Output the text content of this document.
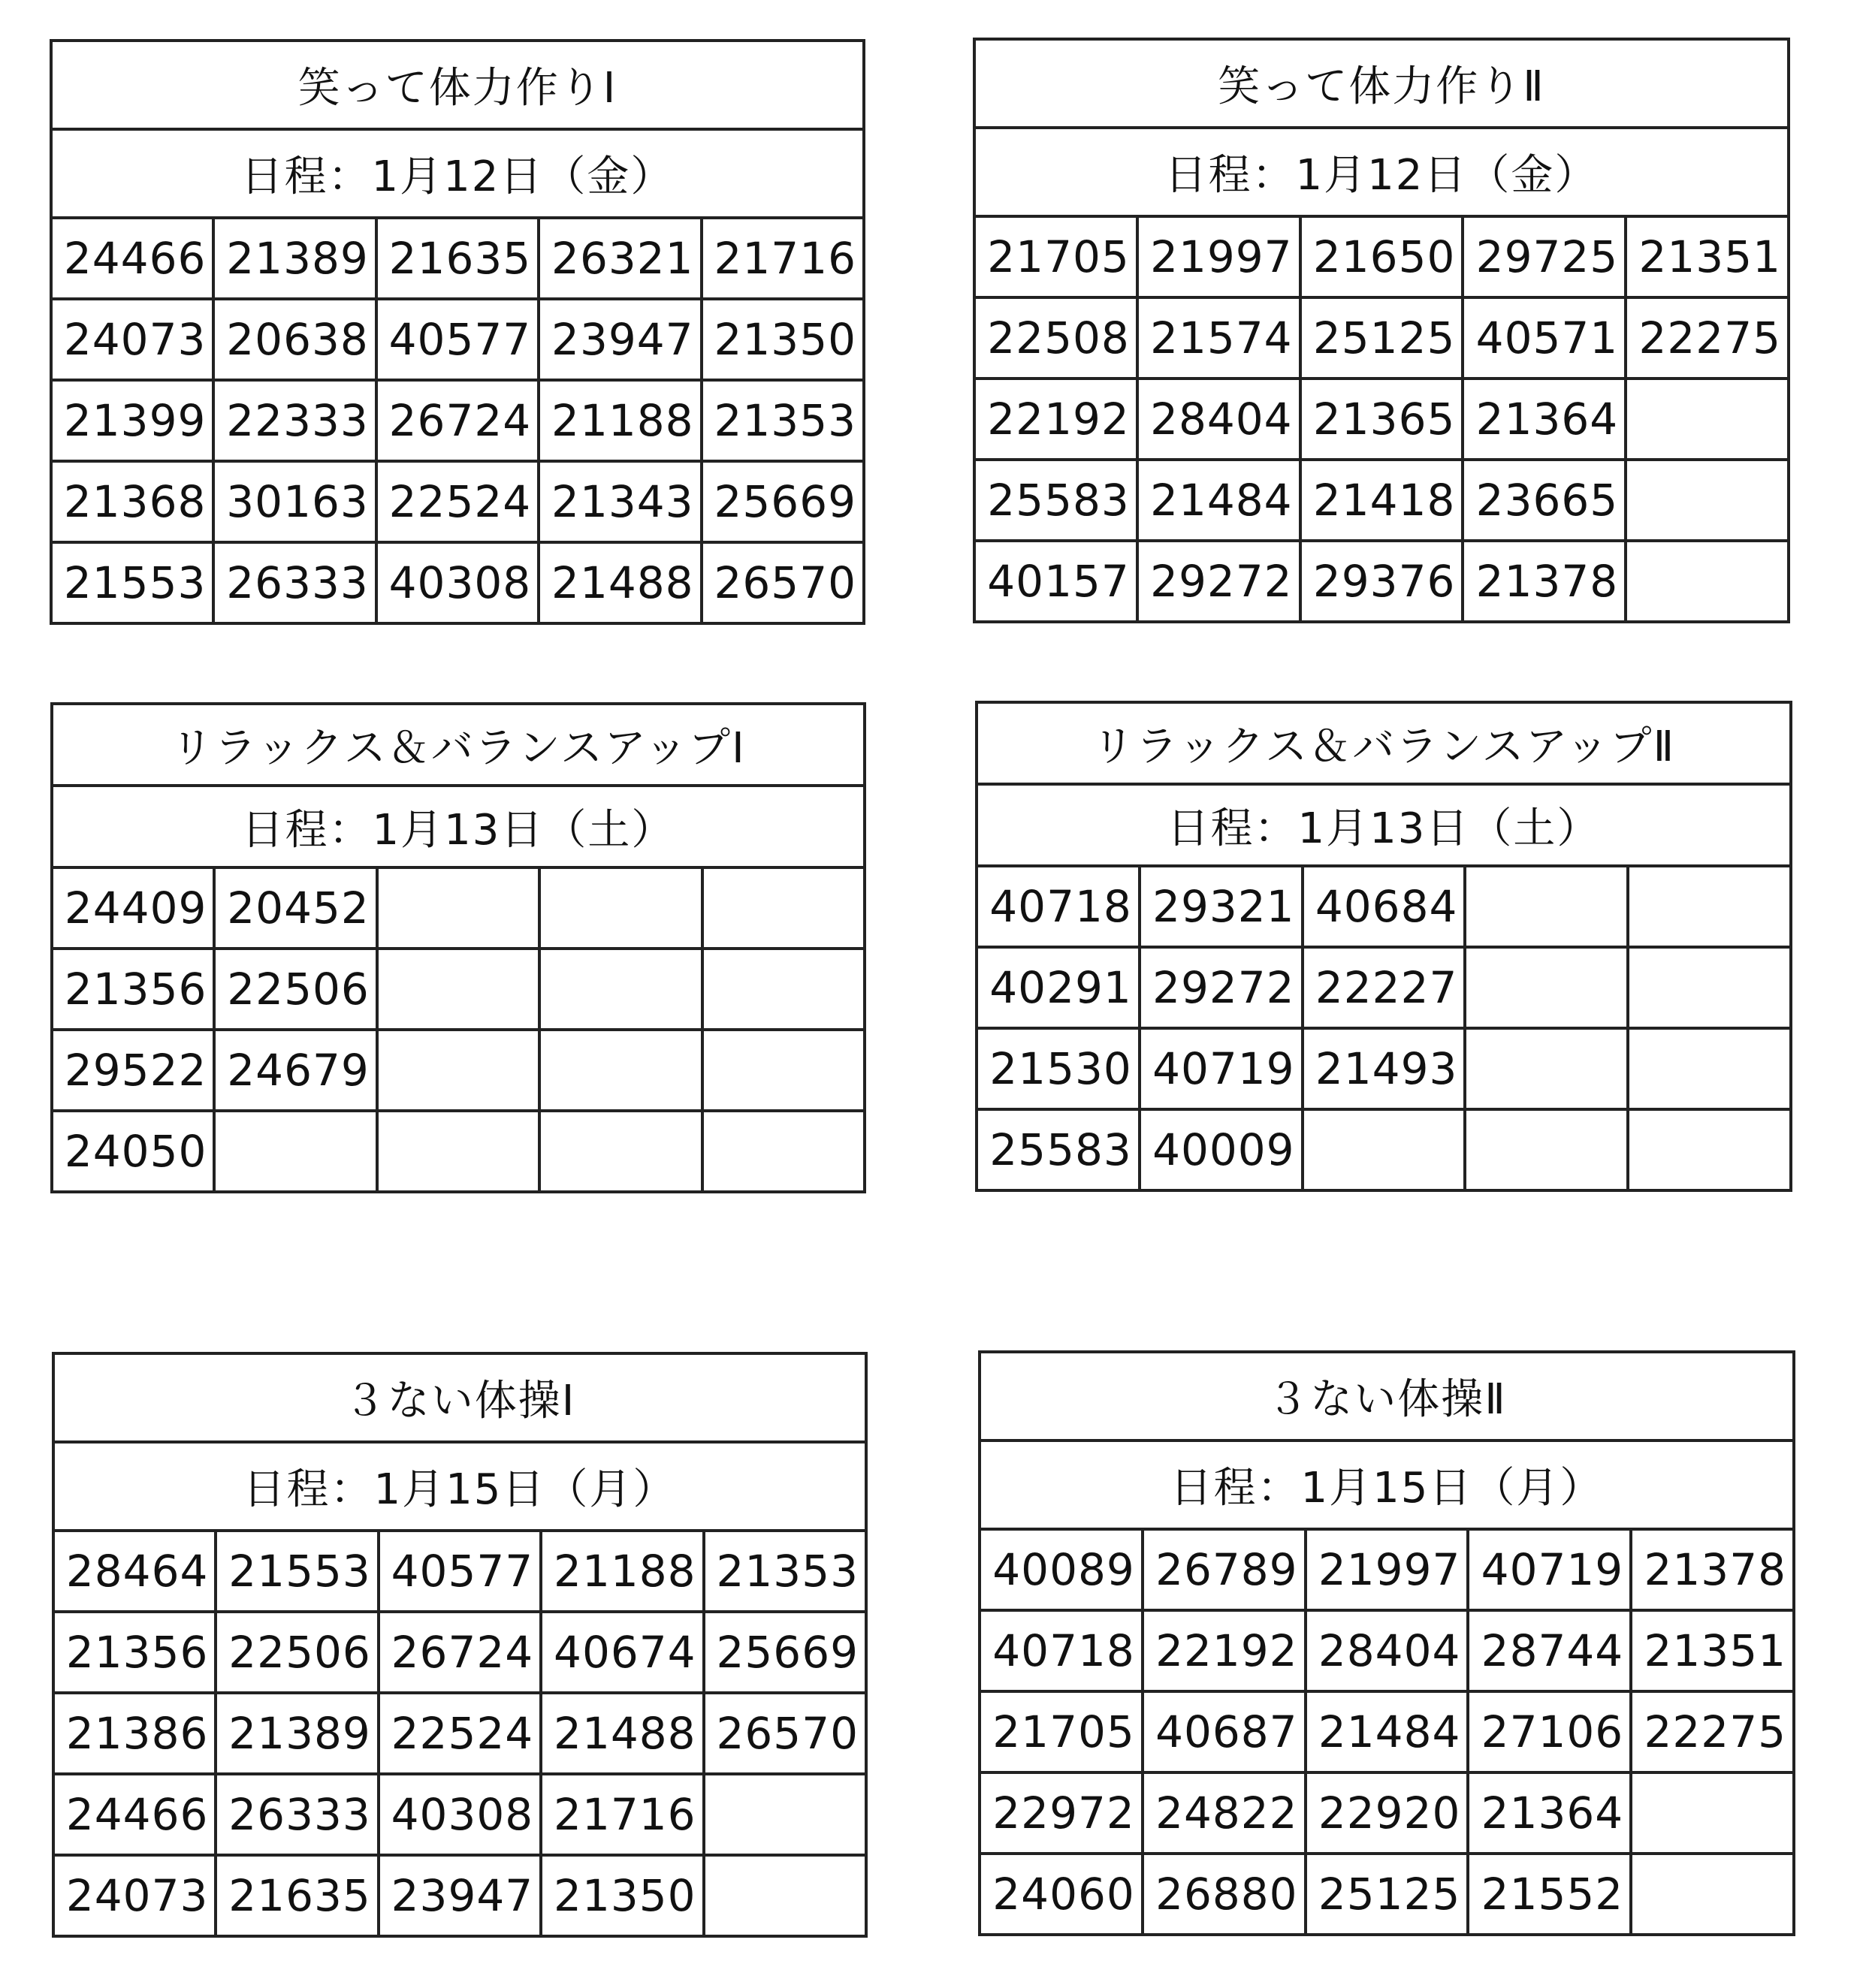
笑って体力作りⅠ				
日程：1月12日（金）				
24466	21389	21635	26321	21716
24073	20638	40577	23947	21350
21399	22333	26724	21188	21353
21368	30163	22524	21343	25669
21553	26333	40308	21488	26570
笑って体力作りⅡ				
日程：1月12日（金）				
21705	21997	21650	29725	21351
22508	21574	25125	40571	22275
22192	28404	21365	21364	
25583	21484	21418	23665	
40157	29272	29376	21378	
リラックス＆バランスアップⅠ				
日程：1月13日（土）				
24409	20452			
21356	22506			
29522	24679			
24050				
リラックス＆バランスアップⅡ				
日程：1月13日（土）				
40718	29321	40684		
40291	29272	22227		
21530	40719	21493		
25583	40009			
３ない体操Ⅰ				
日程：1月15日（月）				
28464	21553	40577	21188	21353
21356	22506	26724	40674	25669
21386	21389	22524	21488	26570
24466	26333	40308	21716	
24073	21635	23947	21350	
３ない体操Ⅱ				
日程：1月15日（月）				
40089	26789	21997	40719	21378
40718	22192	28404	28744	21351
21705	40687	21484	27106	22275
22972	24822	22920	21364	
24060	26880	25125	21552	
